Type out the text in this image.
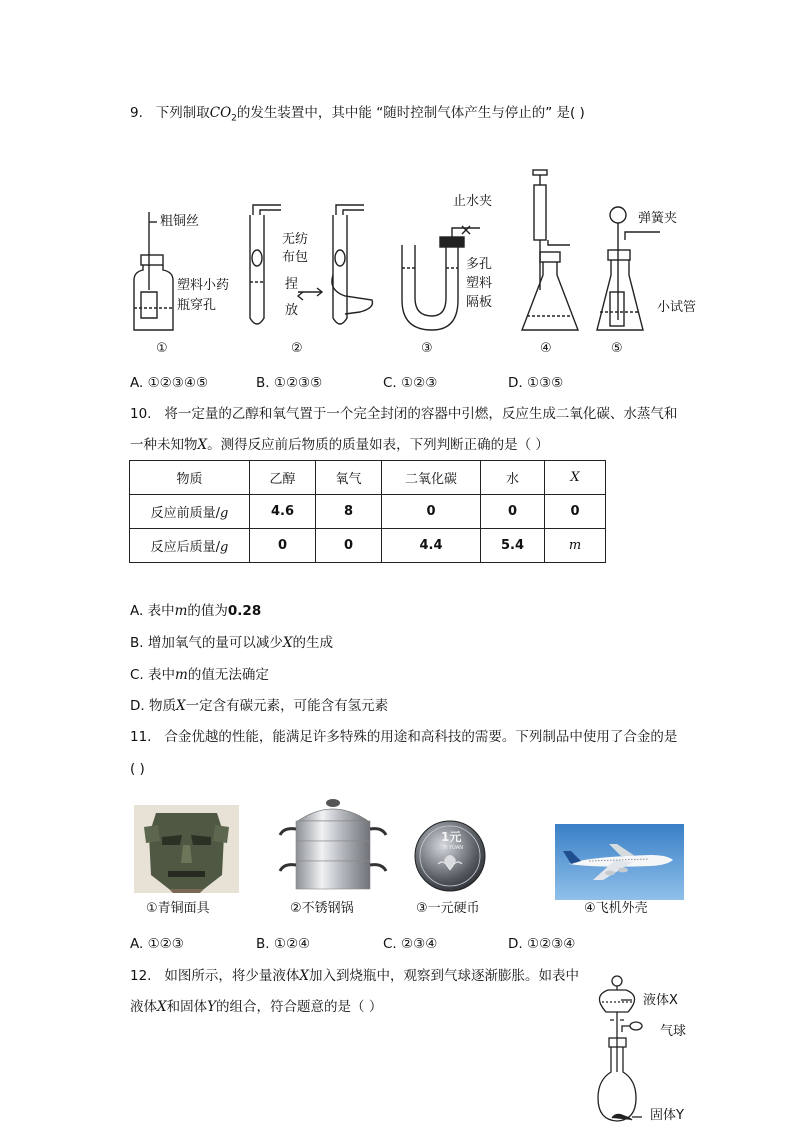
9. 下列制取$CO_2$的发生装置中，其中能 “随时控制气体产生与停止的” 是( )
粗铜丝
塑料小药
瓶穿孔
无纺
布包
捏
放
止水夹
多孔
塑料
隔板
弹簧夹
小试管
①	②	③	④	⑤
A. ①②③④⑤	B. ①②③⑤	C. ①②③	D. ①③⑤
10. 将一定量的乙醇和氧气置于一个完全封闭的容器中引燃，反应生成二氧化碳、水蒸气和
一种未知物X。测得反应前后物质的质量如表，下列判断正确的是（ ）
物质	乙醇	氧气	二氧化碳	水	X
反应前质量/g	4.6	8	0	0	0
反应后质量/g	0	0	4.4	5.4	m
A. 表中m的值为0.28
B. 增加氧气的量可以减少X的生成
C. 表中m的值无法确定
D. 物质X一定含有碳元素，可能含有氢元素
11. 合金优越的性能，能满足许多特殊的用途和高科技的需要。下列制品中使用了合金的是
( )
1元
YI YUAN
①青铜面具	②不锈钢锅	③一元硬币	④飞机外壳
A. ①②③	B. ①②④	C. ②③④	D. ①②③④
12. 如图所示，将少量液体X加入到烧瓶中，观察到气球逐渐膨胀。如表中
液体X和固体Y的组合，符合题意的是（ ）	液体X
气球
固体Y
